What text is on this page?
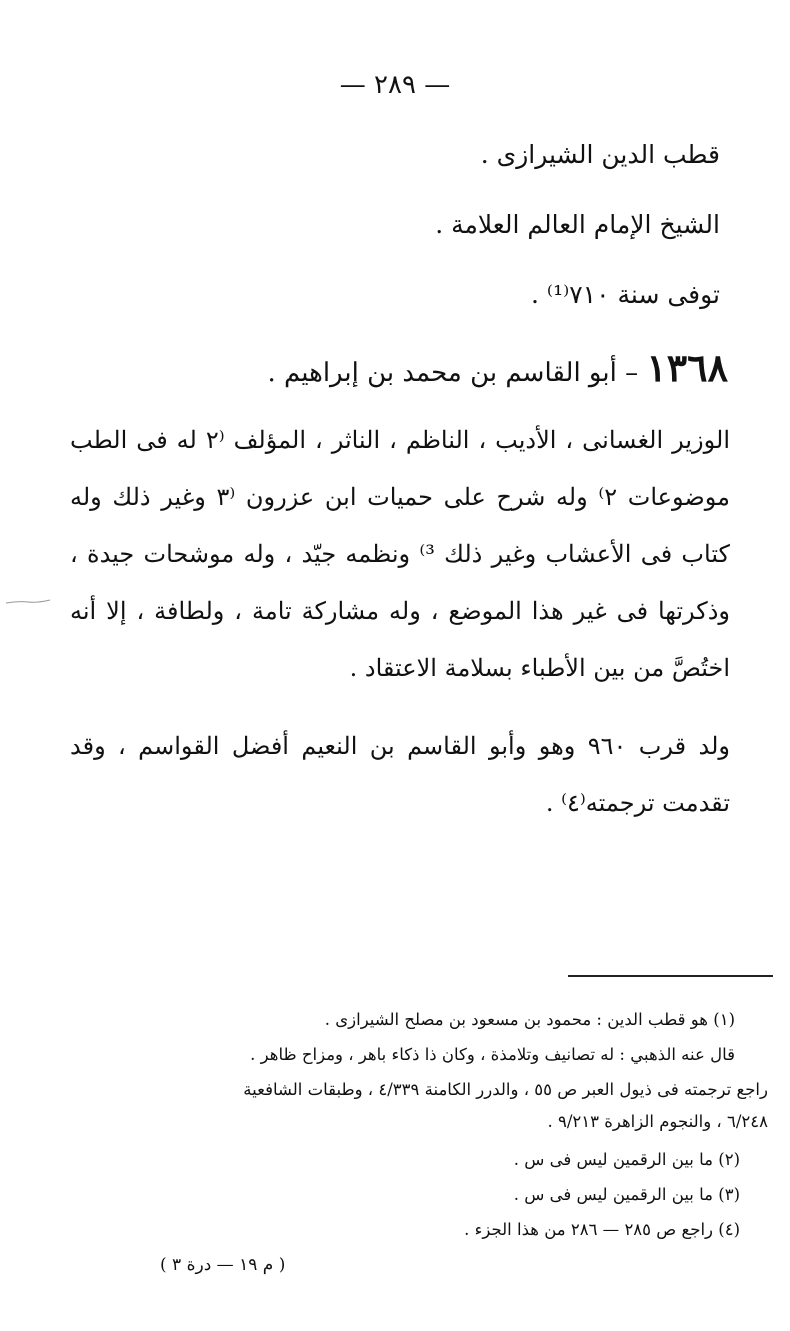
— ٢٨٩ —
قطب الدين الشيرازى .
الشيخ الإمام العالم العلامة .
توفى سنة ٧١٠⁽¹⁾ .
١٣٦٨ – أبو القاسم بن محمد بن إبراهيم .
الوزير الغسانى ، الأديب ، الناظم ، الناثر ، المؤلف ⁽٢ له فى الطب موضوعات ٢⁾ وله شرح على حميات ابن عزرون ⁽٣ وغير ذلك وله كتاب فى الأعشاب وغير ذلك ³⁾ ونظمه جيّد ، وله موشحات جيدة ، وذكرتها فى غير هذا الموضع ، وله مشاركة تامة ، ولطافة ، إلا أنه اختُصَّ من بين الأطباء بسلامة الاعتقاد .
ولد قرب ٩٦٠ وهو وأبو القاسم بن النعيم أفضل القواسم ، وقد تقدمت ترجمته⁽٤⁾ .
(١) هو قطب الدين : محمود بن مسعود بن مصلح الشيرازى .
قال عنه الذهبي : له تصانيف وتلامذة ، وكان ذا ذكاء باهر ، ومزاح ظاهر .
راجع ترجمته فى ذيول العبر ص ٥٥ ، والدرر الكامنة ٤/٣٣٩ ، وطبقات الشافعية
٦/٢٤٨ ، والنجوم الزاهرة ٩/٢١٣ .
(٢) ما بين الرقمين ليس فى س .
(٣) ما بين الرقمين ليس فى س .
(٤) راجع ص ٢٨٥ — ٢٨٦ من هذا الجزء .
( م ١٩ — درة ٣ )
